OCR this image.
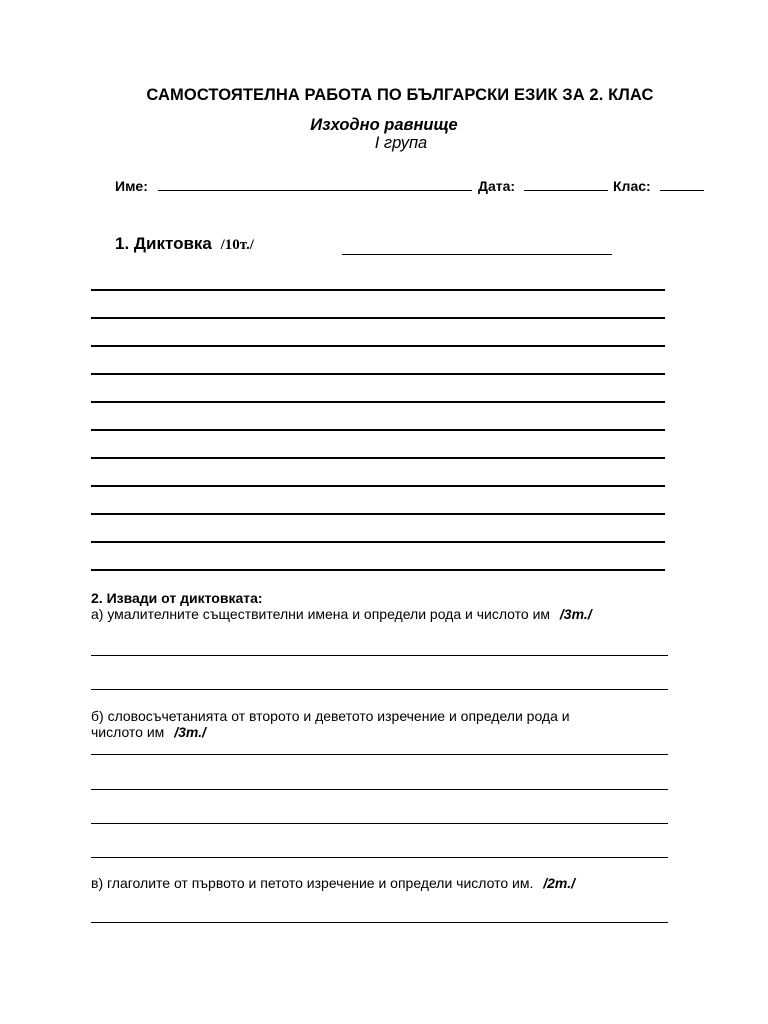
САМОСТОЯТЕЛНА РАБОТА ПО БЪЛГАРСКИ ЕЗИК ЗА 2. КЛАС
Изходно равнище
I група
Име:	Дата:	Клас:
1. Диктовка /10т./
2. Извади от диктовката:
а) умалителните съществителни имена и определи рода и числото им /3т./
б) словосъчетанията от второто и деветото изречение и определи рода и
числото им /3т./
в) глаголите от първото и петото изречение и определи числото им. /2т./
